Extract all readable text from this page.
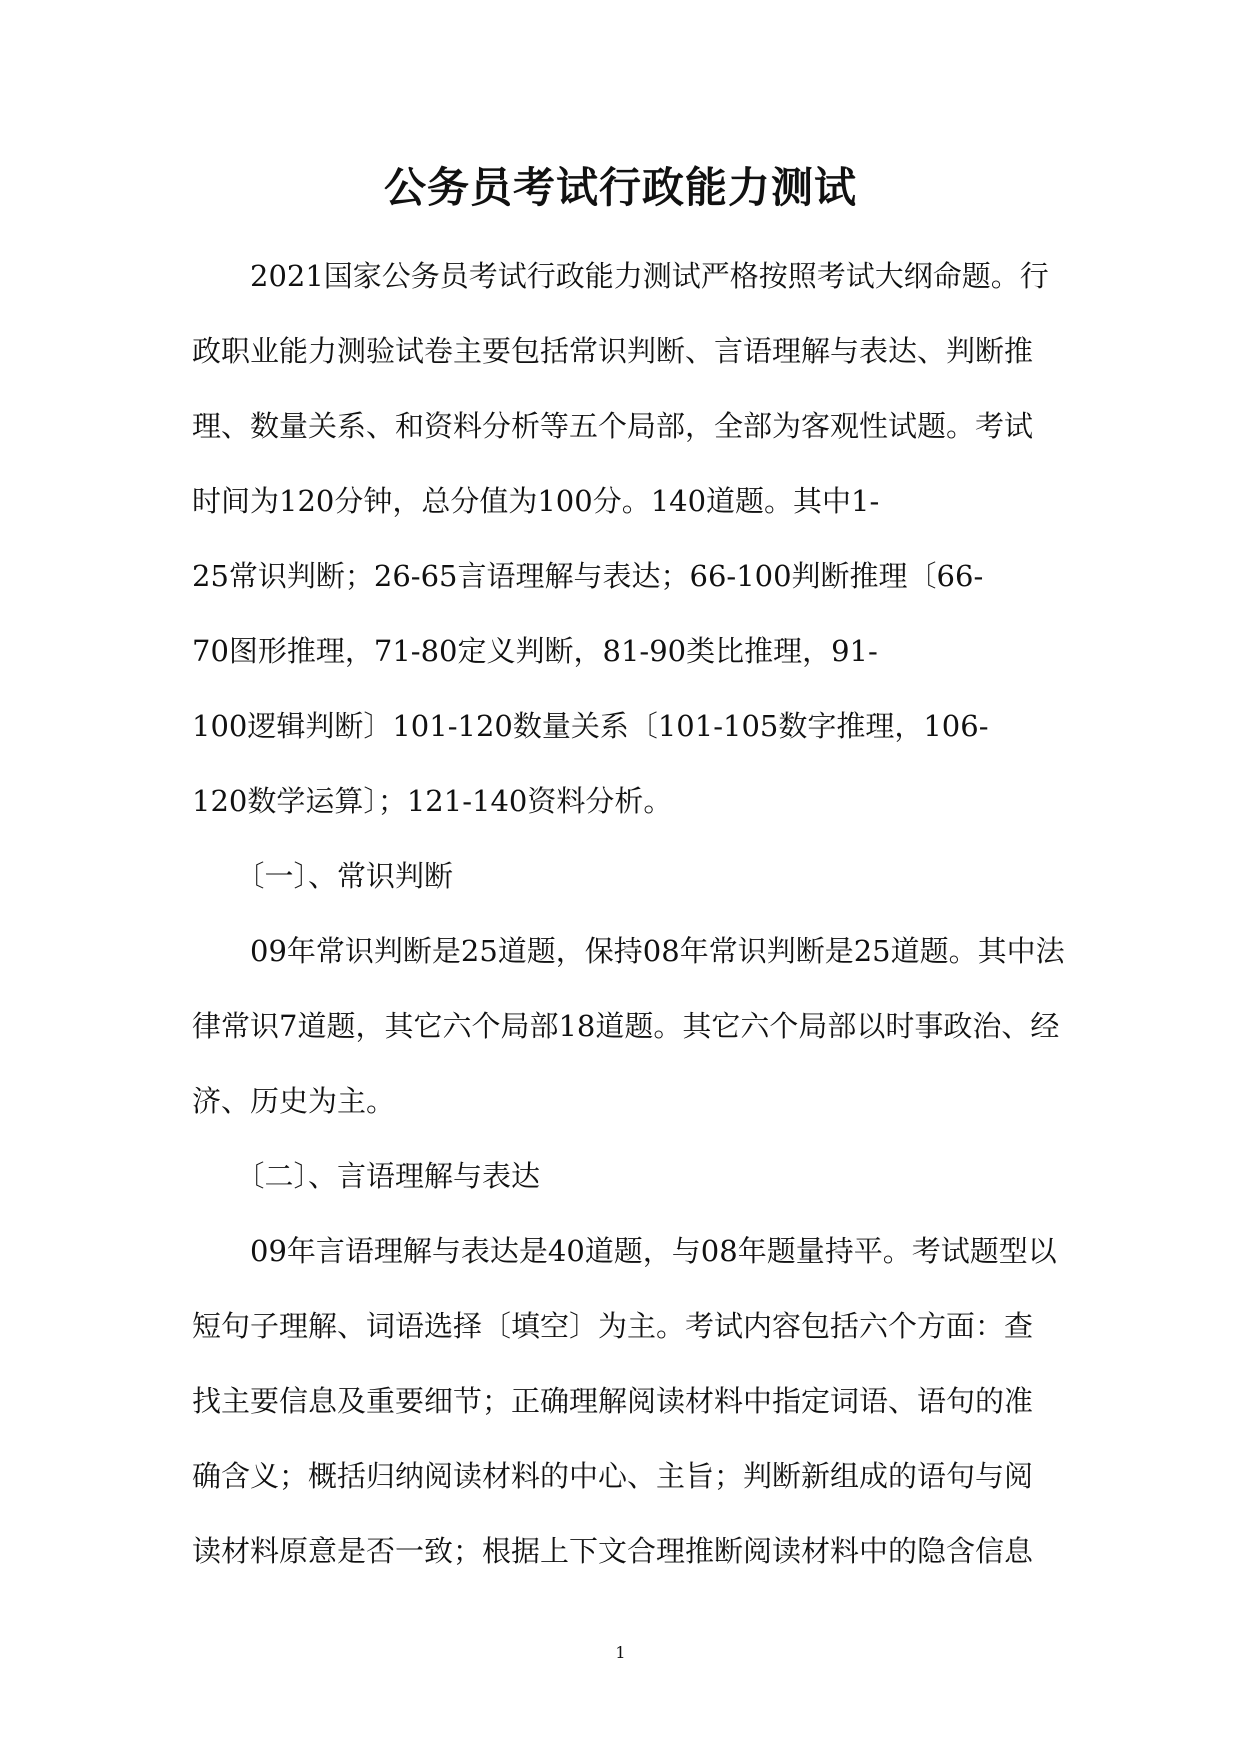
公务员考试行政能力测试
　　2021国家公务员考试行政能力测试严格按照考试大纲命题。行
政职业能力测验试卷主要包括常识判断、言语理解与表达、判断推
理、数量关系、和资料分析等五个局部，全部为客观性试题。考试
时间为120分钟，总分值为100分。140道题。其中1-
25常识判断；26-65言语理解与表达；66-100判断推理〔66-
70图形推理，71-80定义判断，81-90类比推理，91-
100逻辑判断〕101-120数量关系〔101-105数字推理，106-
120数学运算〕；121-140资料分析。
　　〔一〕、常识判断
　　09年常识判断是25道题，保持08年常识判断是25道题。其中法
律常识7道题，其它六个局部18道题。其它六个局部以时事政治、经
济、历史为主。
　　〔二〕、言语理解与表达
　　09年言语理解与表达是40道题，与08年题量持平。考试题型以
短句子理解、词语选择〔填空〕为主。考试内容包括六个方面：查
找主要信息及重要细节；正确理解阅读材料中指定词语、语句的准
确含义；概括归纳阅读材料的中心、主旨；判断新组成的语句与阅
读材料原意是否一致；根据上下文合理推断阅读材料中的隐含信息
1
